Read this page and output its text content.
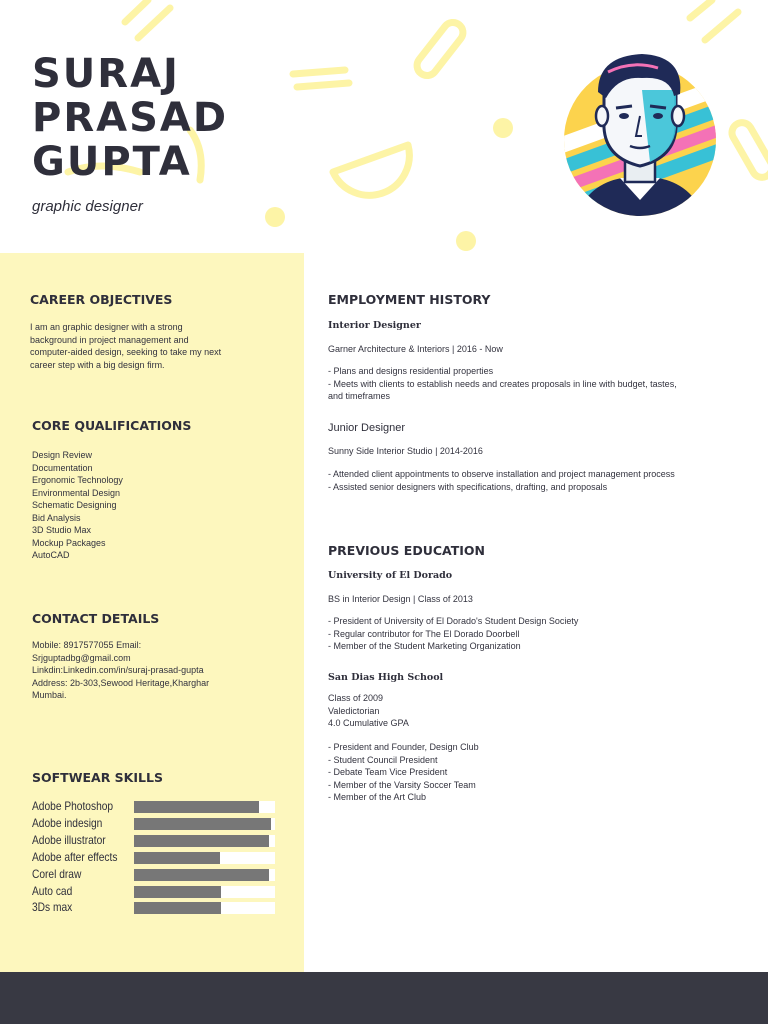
SURAJ
PRASAD
GUPTA
graphic designer
CAREER OBJECTIVES
I am an graphic designer with a strong
background in project management and
computer-aided design, seeking to take my next
career step with a big design firm.
CORE QUALIFICATIONS
Design Review
Documentation
Ergonomic Technology
Environmental Design
Schematic Designing
Bid Analysis
3D Studio Max
Mockup Packages
AutoCAD
CONTACT DETAILS
Mobile: 8917577055 Email:
Srjguptadbg@gmail.com
Linkdin:Linkedin.com/in/suraj-prasad-gupta
Address: 2b-303,Sewood Heritage,Kharghar
Mumbai.
SOFTWEAR SKILLS
Adobe Photoshop
Adobe indesign
Adobe illustrator
Adobe after effects
Corel draw
Auto cad
3Ds max
EMPLOYMENT HISTORY
Interior Designer
Garner Architecture & Interiors | 2016 - Now
- Plans and designs residential properties
- Meets with clients to establish needs and creates proposals in line with budget, tastes,
and timeframes
Junior Designer
Sunny Side Interior Studio | 2014-2016
- Attended client appointments to observe installation and project management process
- Assisted senior designers with specifications, drafting, and proposals
PREVIOUS EDUCATION
University of El Dorado
BS in Interior Design | Class of 2013
- President of University of El Dorado's Student Design Society
- Regular contributor for The El Dorado Doorbell
- Member of the Student Marketing Organization
San Dias High School
Class of 2009
Valedictorian
4.0 Cumulative GPA
- President and Founder, Design Club
- Student Council President
- Debate Team Vice President
- Member of the Varsity Soccer Team
- Member of the Art Club
